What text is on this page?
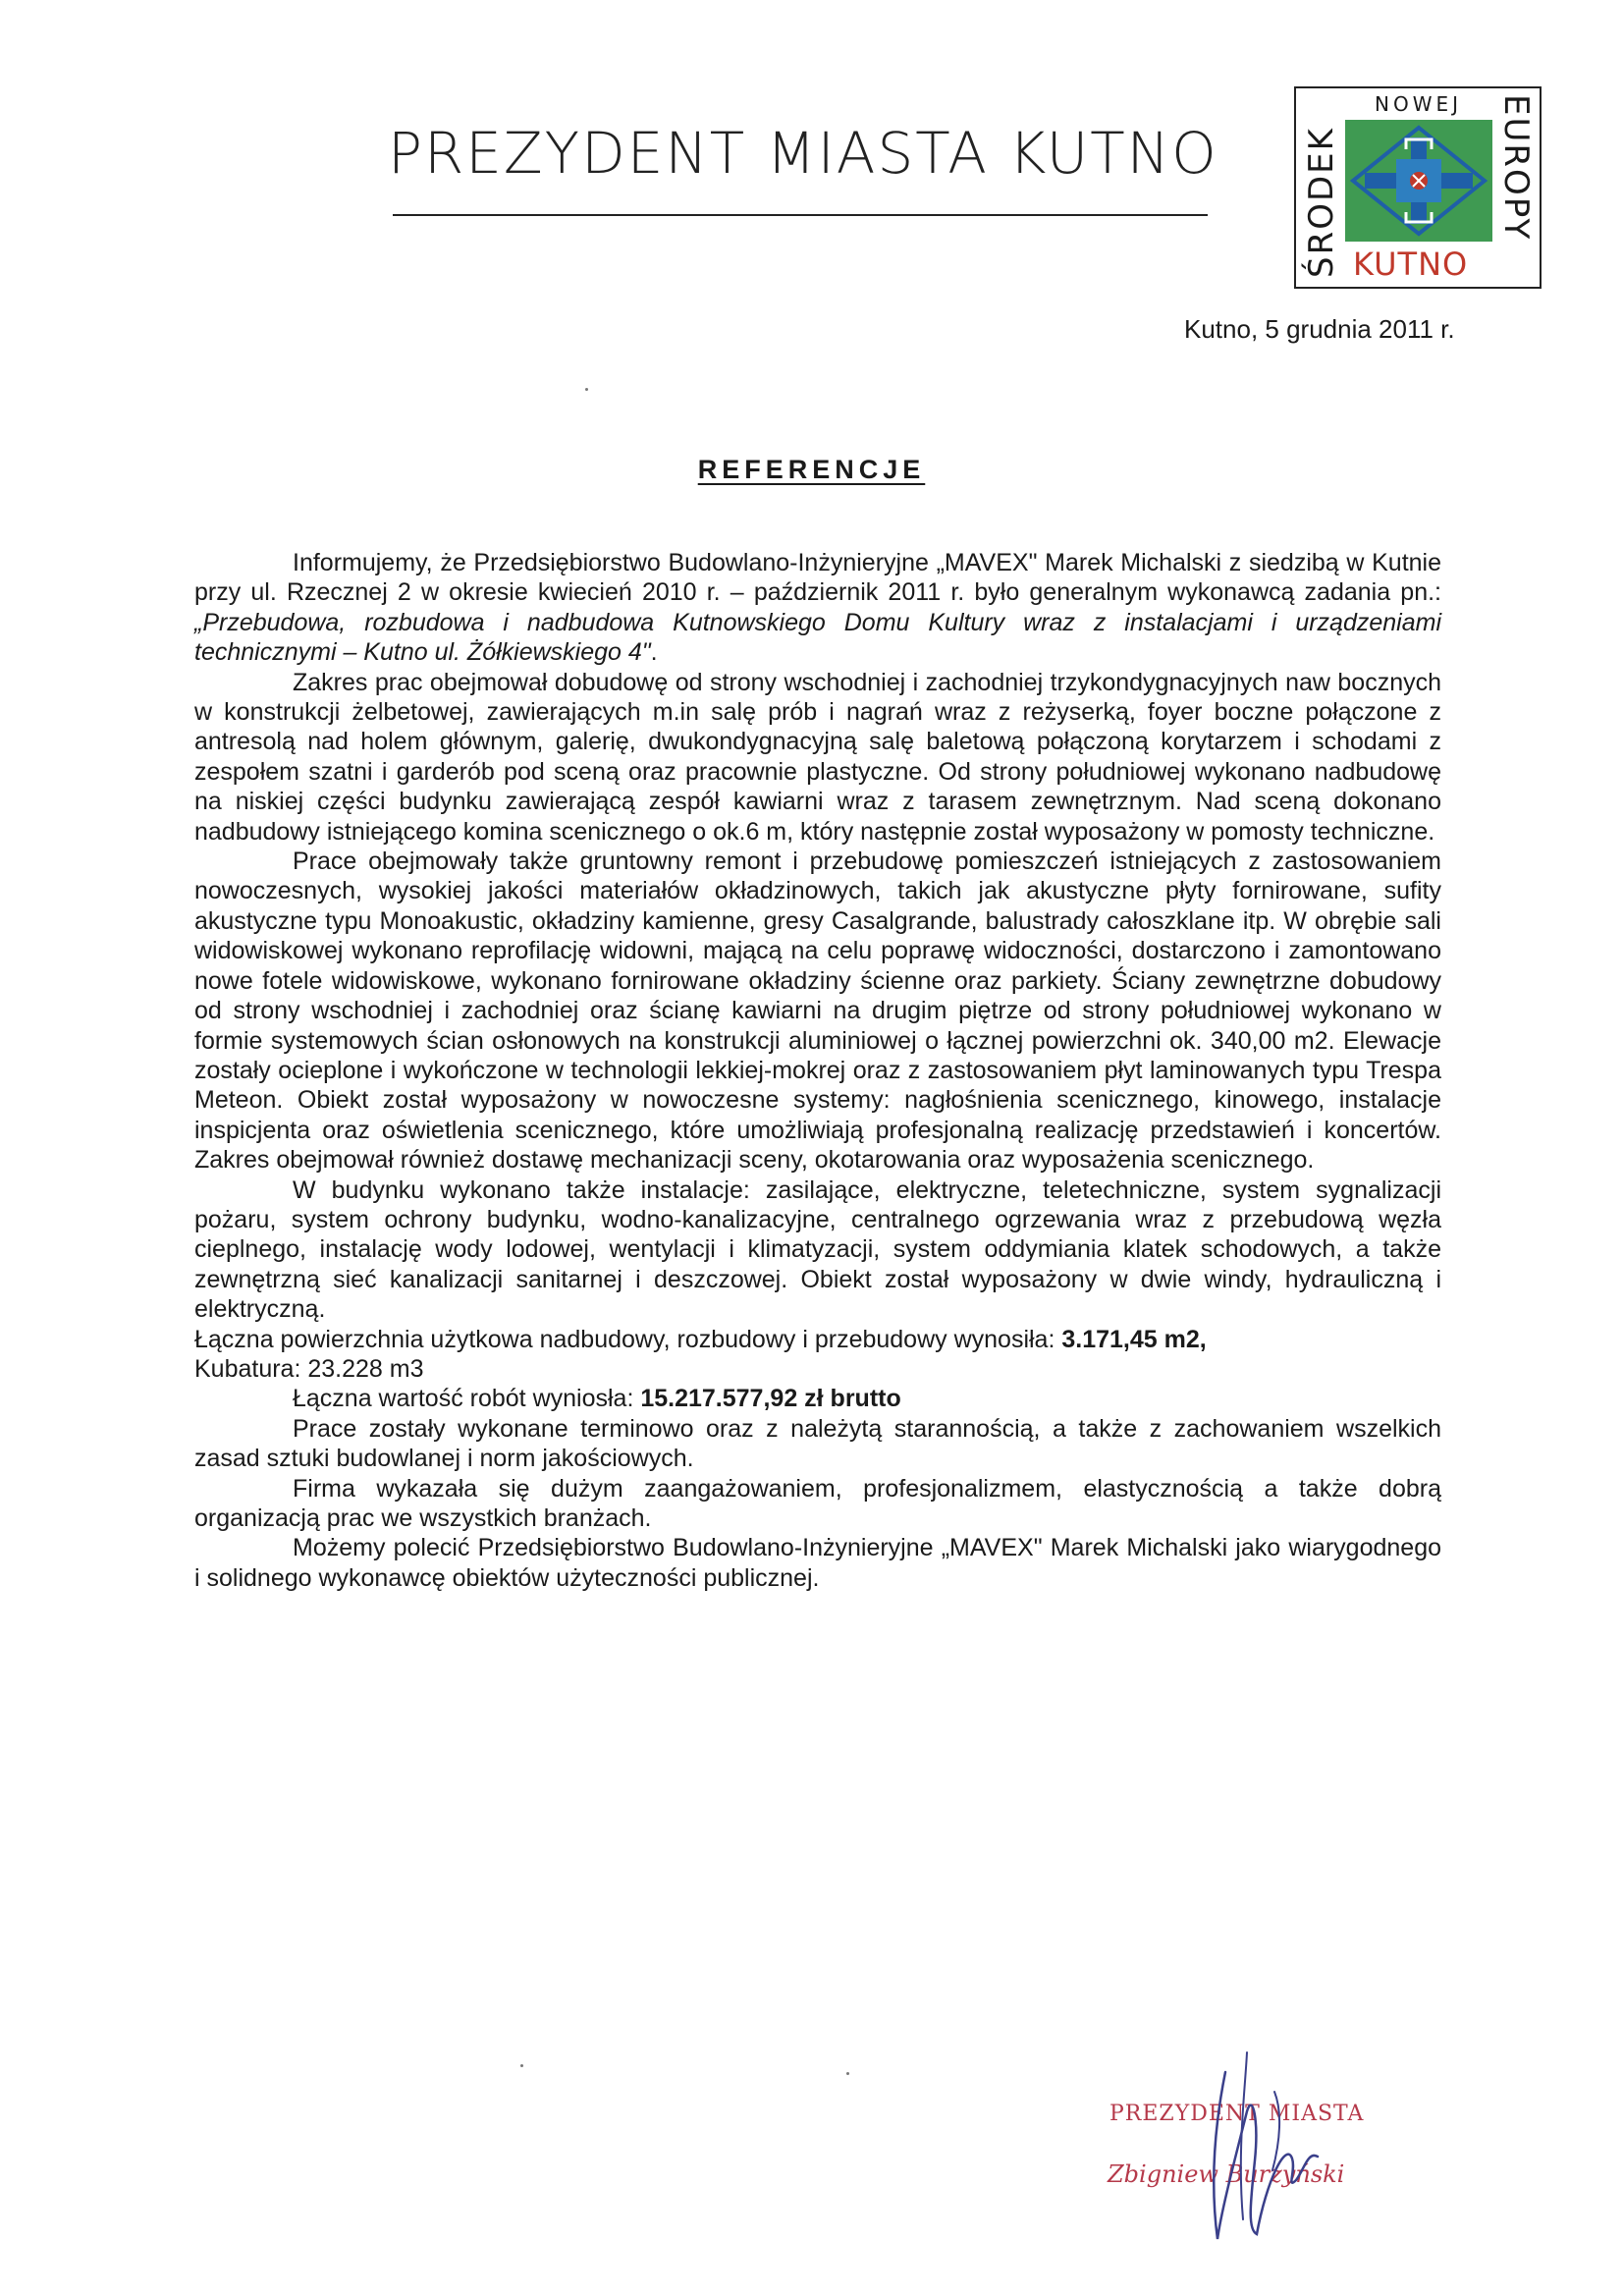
PREZYDENT MIASTA KUTNO
NOWEJ
ŚRODEK	EUROPY
KUTNO
Kutno, 5 grudnia 2011 r.
REFERENCJE

Informujemy, że Przedsiębiorstwo Budowlano-Inżynieryjne „MAVEX" Marek Michalski z siedzibą w Kutnie przy ul. Rzecznej 2 w okresie kwiecień 2010 r. – październik 2011 r. było generalnym wykonawcą zadania pn.: „Przebudowa, rozbudowa i nadbudowa Kutnowskiego Domu Kultury wraz z instalacjami i urządzeniami technicznymi – Kutno ul. Żółkiewskiego 4".

Zakres prac obejmował dobudowę od strony wschodniej i zachodniej trzykondygnacyjnych naw bocznych w konstrukcji żelbetowej, zawierających m.in salę prób i nagrań wraz z reżyserką, foyer boczne połączone z antresolą nad holem głównym, galerię, dwukondygnacyjną salę baletową połączoną korytarzem i schodami z zespołem szatni i garderób pod sceną oraz pracownie plastyczne. Od strony południowej wykonano nadbudowę na niskiej części budynku zawierającą zespół kawiarni wraz z tarasem zewnętrznym. Nad sceną dokonano nadbudowy istniejącego komina scenicznego o ok.6 m, który następnie został wyposażony w pomosty techniczne.

Prace obejmowały także gruntowny remont i przebudowę pomieszczeń istniejących z zastosowaniem nowoczesnych, wysokiej jakości materiałów okładzinowych, takich jak akustyczne płyty fornirowane, sufity akustyczne typu Monoakustic, okładziny kamienne, gresy Casalgrande, balustrady całoszklane itp. W obrębie sali widowiskowej wykonano reprofilację widowni, mającą na celu poprawę widoczności, dostarczono i zamontowano nowe fotele widowiskowe, wykonano fornirowane okładziny ścienne oraz parkiety. Ściany zewnętrzne dobudowy od strony wschodniej i zachodniej oraz ścianę kawiarni na drugim piętrze od strony południowej wykonano w formie systemowych ścian osłonowych na konstrukcji aluminiowej o łącznej powierzchni ok. 340,00 m2. Elewacje zostały ocieplone i wykończone w technologii lekkiej-mokrej oraz z zastosowaniem płyt laminowanych typu Trespa Meteon. Obiekt został wyposażony w nowoczesne systemy: nagłośnienia scenicznego, kinowego, instalacje inspicjenta oraz oświetlenia scenicznego, które umożliwiają profesjonalną realizację przedstawień i koncertów. Zakres obejmował również dostawę mechanizacji sceny, okotarowania oraz wyposażenia scenicznego.

W budynku wykonano także instalacje: zasilające, elektryczne, teletechniczne, system sygnalizacji pożaru, system ochrony budynku, wodno-kanalizacyjne, centralnego ogrzewania wraz z przebudową węzła cieplnego, instalację wody lodowej, wentylacji i klimatyzacji, system oddymiania klatek schodowych, a także zewnętrzną sieć kanalizacji sanitarnej i deszczowej. Obiekt został wyposażony w dwie windy, hydrauliczną i elektryczną.

Łączna powierzchnia użytkowa nadbudowy, rozbudowy i przebudowy wynosiła: 3.171,45 m2,

Kubatura: 23.228 m3

Łączna wartość robót wyniosła: 15.217.577,92 zł brutto

Prace zostały wykonane terminowo oraz z należytą starannością, a także z zachowaniem wszelkich zasad sztuki budowlanej i norm jakościowych.

Firma wykazała się dużym zaangażowaniem, profesjonalizmem, elastycznością a także dobrą organizacją prac we wszystkich branżach.

Możemy polecić Przedsiębiorstwo Budowlano-Inżynieryjne „MAVEX" Marek Michalski jako wiarygodnego i solidnego wykonawcę obiektów użyteczności publicznej.

PREZYDENT MIASTA
Zbigniew Burzyński
